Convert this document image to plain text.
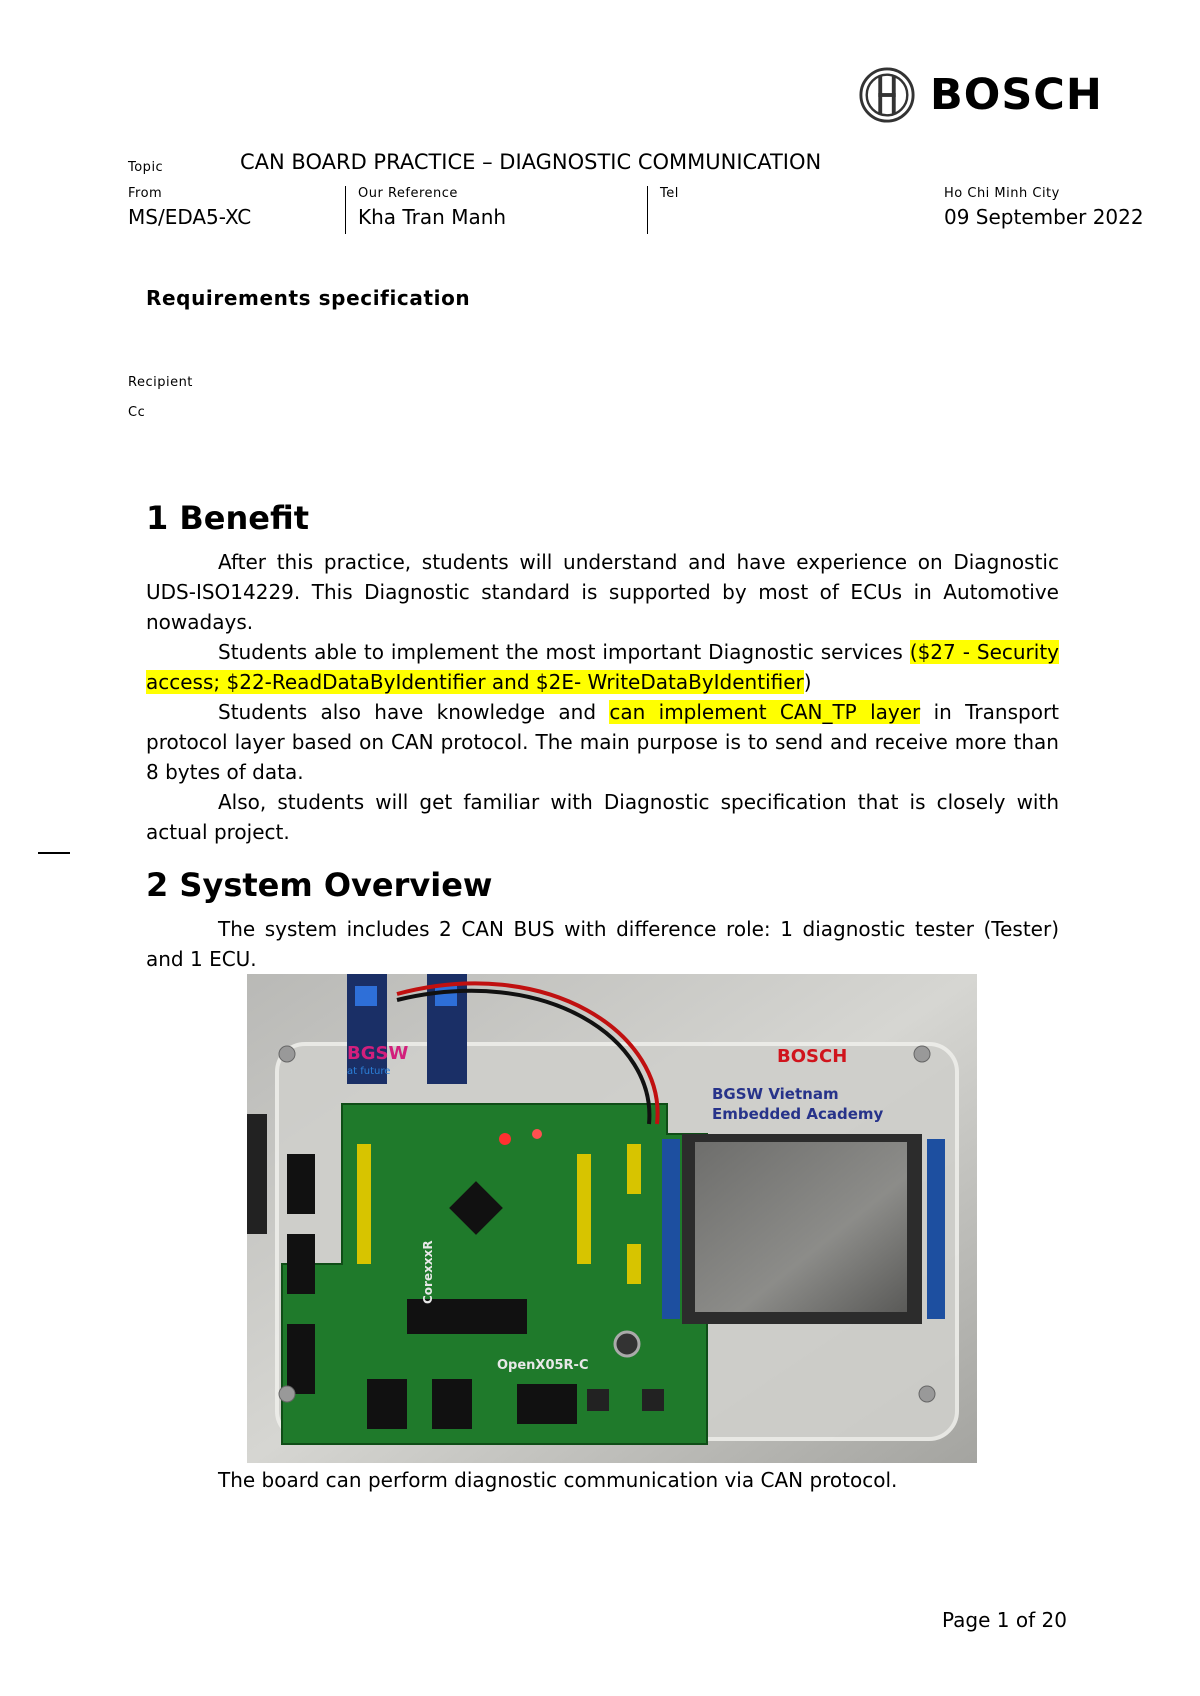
BOSCH
Topic	CAN BOARD PRACTICE – DIAGNOSTIC COMMUNICATION
From
MS/EDA5-XC
Our Reference
Kha Tran Manh
Tel	Ho Chi Minh City
09 September 2022
Requirements specification
Recipient
Cc
1 Benefit
After this practice, students will understand and have experience on Diagnostic UDS-ISO14229. This Diagnostic standard is supported by most of ECUs in Automotive nowadays.
Students able to implement the most important Diagnostic services ($27 - Security access; $22-ReadDataByIdentifier and $2E- WriteDataByIdentifier)
Students also have knowledge and can implement CAN_TP layer in Transport protocol layer based on CAN protocol. The main purpose is to send and receive more than 8 bytes of data.
Also, students will get familiar with Diagnostic specification that is closely with actual project.
2 System Overview
The system includes 2 CAN BUS with difference role: 1 diagnostic tester (Tester) and 1 ECU.
BGSW
at future
BOSCH
BGSW Vietnam
Embedded Academy
CorexxxR
OpenX05R-C
The board can perform diagnostic communication via CAN protocol.
Page 1 of 20
